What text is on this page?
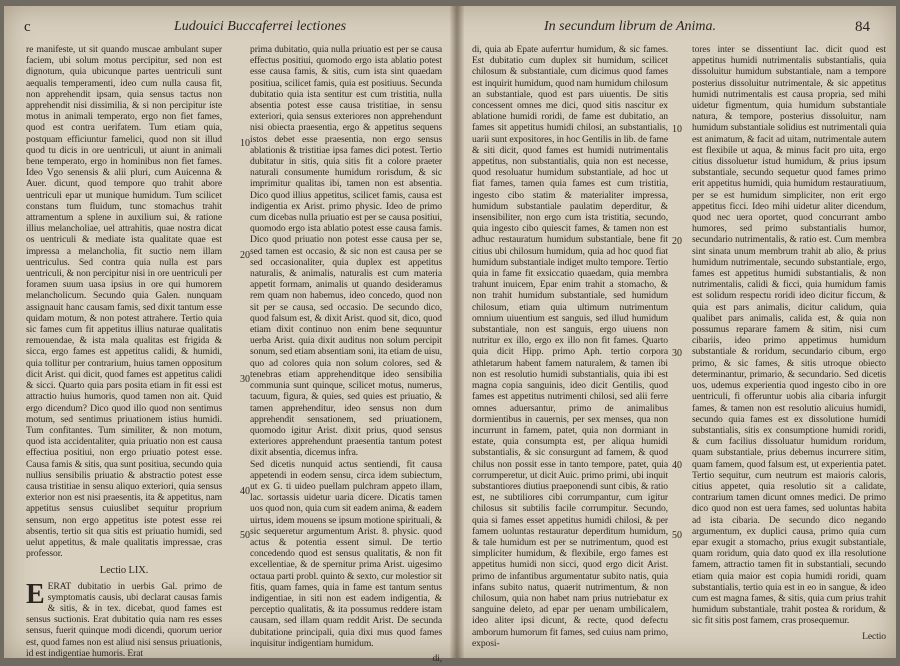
c	Ludouici Buccaferrei lectiones

re manifeste, ut sit quando muscae ambulant super faciem, ubi solum motus percipitur, sed non est dignotum, quia ubicunque partes uentriculi sunt aequalis temperamenti, ideo cum nulla causa fit, non apprehendit ipsam, quia sensus tactus non apprehendit nisi dissimilia, & si non percipitur iste motus in animali temperato, ergo non fiet fames, quod est contra uerifatem. Tum etiam quia, postquam efficiuntur famelici, quod non sit illud quod tu dicis in ore uentriculi, ut aiunt in animali bene temperato, ergo in hominibus non fiet fames. Ideo Vgo senensis & alii pluri, cum Auicenna & Auer. dicunt, quod tempore quo trahit abore uentriculi epar ut munique humidum. Tum scilicet constans tum fluidum, tunc stomachus trahit attramentum a splene in auxilium sui, & ratione illius melancholiae, uel attrahitis, quae nostra dicat os uentriculi & mediate ista qualitate quae est impressa a melancholia, fit suctio nem illam uentriculus. Sed contra quia nulla est pars uentriculi, & non percipitur nisi in ore uentriculi per foramen suum uasa ipsius in ore qui humorem melancholicum. Secundo quia Galen. nunquam assignauit hanc causam famis, sed dixit tantum esse quidam motum, & non potest attrahere. Tertio quia sic fames cum fit appetitus illius naturae qualitatis remouendae, & ista mala qualitas est frigida & sicca, ergo fames est appetitus calidi, & humidi, quia tollitur per contrarium, huius tamen oppositum dicit Arist. qui dicit, quod fames est appetitus calidi & sicci. Quarto quia pars posita etiam in fit essi est attractio huius humoris, quod tamen non ait. Quid ergo dicendum? Dico quod illo quod non sentimus motum, sed sentimus priuationem istius humidi. Tum confitantes. Tum similiter, & non motum, quod ista accidentaliter, quia priuatio non est causa effectiua positiui, non ergo priuatio potest esse. Causa famis & sitis, qua sunt positiua, secundo quia nullius sensibilis priuatio & abstractio potest esse causa tristitiae in sensu aliquo exteriori, quia sensus exterior non est nisi praesentis, ita & appetitus, nam appetitus sensus cuiuslibet sequitur proprium sensum, non ergo appetitus iste potest esse rei absentis, tertio sit qua sitis est priuatio humidi, sed uelut appetitus, & male qualitatis impressae, cras professor.

Lectio LIX.

EERAT dubitatio in uerbis Gal. primo de symptomatis causis, ubi declarat causas famis & sitis, & in tex. dicebat, quod fames est sensus suctionis. Erat dubitatio quia nam res esses sensus, fuerit quinque modi dicendi, quorum uerior est, quod fames non est aliud nisi sensus priuationis, id est indigentiae humoris. Erat

10
20
30
40
50

prima dubitatio, quia nulla priuatio est per se causa effectus positiui, quomodo ergo ista ablatio potest esse causa famis, & sitis, cum ista sint quaedam positiua, scilicet famis, quia est positiuus. Secunda dubitatio quia ista sentitur est cum tristitia, nulla absentia potest esse causa tristitiae, in sensu exteriori, quia sensus exteriores non apprehendunt nisi obiecta praesentia, ergo & appetitus sequens istos debet esse praesentia, non ergo sensus ablationis & tristitiae ipsa fames dici potest. Tertio dubitatur in sitis, quia sitis fit a colore praeter naturali consumente humidum rorisdum, & sic imprimitur qualitas ibi, tamen non est absentia. Dico quod illius appetitus, scilicet famis, causa est indigentia ex Arist. primo physic. Ideo de primo cum dicebas nulla priuatio est per se causa positiui, quomodo ergo ista ablatio potest esse causa famis. Dico quod priuatio non potest esse causa per se, sed tamen est occasio, & sic non est causa per se sed occasionaliter, quia duplex est appetitus naturalis, & animalis, naturalis est cum materia appetit formam, animalis ut quando desideramus rem quam non habemus, ideo concedo, quod non sit per se causa, sed occasio. De secundo dico, quod falsum est, & dixit Arist. quod sit, dico, quod etiam dixit continuo non enim bene sequuntur uerba Arist. quia dixit auditus non solum percipit sonum, sed etiam absentiam soni, ita etiam de uisu, quo ad colores quia non solum colores, sed & tenebras etiam apprehenditque ideo sensibilia communia sunt quinque, scilicet motus, numerus, tacuum, figura, & quies, sed quies est priuatio, & tamen apprehenditur, ideo sensus non dum apprehendit sensationem, sed priuationem, quomodo igitur Arist. dixit prius, quod sensus exteriores apprehendunt praesentia tantum potest dixit absentia, dicemus infra.

Sed dicetis nunquid actus sentiendi, fit causa appetendi in eodem sensu, circa idem subiectum, ut ex G. ti uideo puellam pulchram appeto illam, lac. sortassis uidetur uaria dicere. Dicatis tamen uos quod non, quia cum sit eadem anima, & eadem uirtus, idem mouens se ipsum motione spirituali, & sic sequeretur argumentum Arist. 8. physic. quod actus & potentia essent simul. De tertio concedendo quod est sensus qualitatis, & non fit excellentiae, & de spernitur prima Arist. uigesimo octaua parti probl. quinto & sexto, cur molestior sit fitis, quam fames, quia in fame est tantum sentus indigentiae, in siti non est eadem indigentia, & perceptio qualitatis, & ita possumus reddere istam causam, sed illam quam reddit Arist. De secunda dubitatione principali, quia dixi mus quod fames inquisitur indigentiam humidum.

di,
In secundum librum de Anima.	84

di, quia ab Epate auferrtur humidum, & sic fames. Est dubitatio cum duplex sit humidum, scilicet chilosum & substantiale, cum dicimus quod fames est inquirit humidum, quod nam humidum chilosum an substantiale, quod est pars uiuentis. De sitis concessent omnes me dici, quod sitis nascitur ex ablatione humidi roridi, de fame est dubitatio, an fames sit appetitus humidi chilosi, an substantialis, uarii sunt expositores, in hoc Gentilis in lib. de fame & siti dicit, quod fames est humidi nutrimentalis appetitus, non substantialis, quia non est necesse, quod resoluatur humidum substantiale, ad hoc ut fiat fames, tamen quia fames est cum tristitia, ingesto cibo statim & materialiter impressa, humidum substantiale paulatim deperditur, & insensibiliter, non ergo cum ista tristitia, secundo, quia ingesto cibo quiescit fames, & tamen non est adhuc restauratum humidum substantiale, bene fit citius ubi chilosum humidum, quia ad hoc quod fiat humidum substantiale indiget multo tempore. Tertio quia in fame fit exsiccatio quaedam, quia membra trahunt inuicem, Epar enim trahit a stomacho, & non trahit humidum substantiale, sed humidum chilosum, etiam quia ultimum nutrimentum omnium uiuentium est sanguis, sed illud humidum substantiale, non est sanguis, ergo uiuens non nutritur ex illo, ergo ex illo non fit fames. Quarto quia dicit Hipp. primo Aph. tertio corpora athletarum habent famem naturalem, & tamen ibi non est resolutio humidi substantialis, quia ibi est magna copia sanguinis, ideo dicit Gentilis, quod fames est appetitus nutrimenti chilosi, sed alii ferre omnes aduersantur, primo de animalibus dormientibus in cauernis, per sex menses, qua non incurrunt in famem, patet, quia non dormiant in estate, quia consumpta est, per aliqua humidi substantialis, & sic consurgunt ad famem, & quod chilus non possit esse in tanto tempore, patet, quia corrumperetur, ut dicit Auic. primo primi, ubi inquit substantiores diutius praeponendi sunt cibis, & ratio est, ne subtiliores cibi corrumpantur, cum igitur chilosus sit subtilis facile corrumpitur. Secundo, quia si fames esset appetitus humidi chilosi, & per famem uoluntas restauratur deperditum humidum, & tale humidum est per se nutrimentum, quod est simpliciter humidum, & flexibile, ergo fames est appetitus humidi non sicci, quod ergo dicit Arist. primo de infantibus argumentatur subito natis, quia infans subito natus, quaerit nutrimentum, & non chilosum, quia non habet nam prius nutriebatur ex sanguine deleto, ad epar per uenam umbilicalem, ideo aliter ipsi dicunt, & recte, quod defectu amborum humorum fit fames, sed cuius nam primo, exposi-

10
20
30
40
50

tores inter se dissentiunt Iac. dicit quod est appetitus humidi nutrimentalis substantialis, quia dissoluitur humidum substantiale, nam a tempore posterius dissoluitur nutrimentale, & sic appetitus humidi nutrimentalis est causa propria, sed mihi uidetur figmentum, quia humidum substantiale natura, & tempore, posterius dissoluitur, nam humidum substantiale solidius est nutrimentali quia est animatum, & facit ad uitam, nutrimentale autem est flexibile ut aqua, & minus facit pro uita, ergo citius dissoluetur istud humidum, & prius ipsum substantiale, secundo sequetur quod fames primo erit appetitus humidi, quia humidum restauratiuum, per se est humidum simpliciter, non erit ergo appetitus ficci. Ideo mihi uidetur aliter dicendum, quod nec uera oportet, quod concurrant ambo humores, sed primo substantialis humor, secundario nutrimentalis, & ratio est. Cum membra sint sinata unum membrum trahit ab alio, & prius humidum nutrimentale, secundo substantiale, ergo, fames est appetitus humidi substantialis, & non nutrimentalis, calidi & ficci, quia humidum famis est solidum respectu roridi ideo dicitur ficcum, & quia est pars animalis, dicitur calidum, quia qualibet pars animalis, calida est, & quia non possumus reparare famem & sitim, nisi cum cibariis, ideo primo appetimus humidum substantiale & roridum, secundario cibum, ergo primo, & sic fames, & sitis utroque obiecto determinantur, primario, & secundario. Sed dicetis uos, udemus experientia quod ingesto cibo in ore uentriculi, fi offeruntur uobis alia cibaria infurgit fames, & tamen non est resolutio alicuius humidi, secundo quia fames est ex dissolutione humidi substantialis, sitis ex consumptione humidi roridi, & cum facilius dissoluatur humidum roridum, quam substantiale, prius debemus incurrere sitim, quam famem, quod falsum est, ut experientia patet. Tertio sequitur, cum neutrum est maioris caloris, citius appetet, quia resolutio sit a calidate, contrarium tamen dicunt omnes medici. De primo dico quod non est uera fames, sed uoluntas habita ad ista cibaria. De secundo dico negando argumentum, ex duplici causa, primo quia cum epar exugit a stomacho, prius exugit substantiale, quam roridum, quia dato quod ex illa resolutione famem, attractio tamen fit in substantiali, secundo etiam quia maior est copia humidi roridi, quam substantialis, tertio quia est in eo in sangue, & ideo cum est magna fames, & sitis, quia cum prius trahit humidum substantiale, trahit postea & roridum, & sic fit sitis post famem, cras prosequemur.

Lectio
